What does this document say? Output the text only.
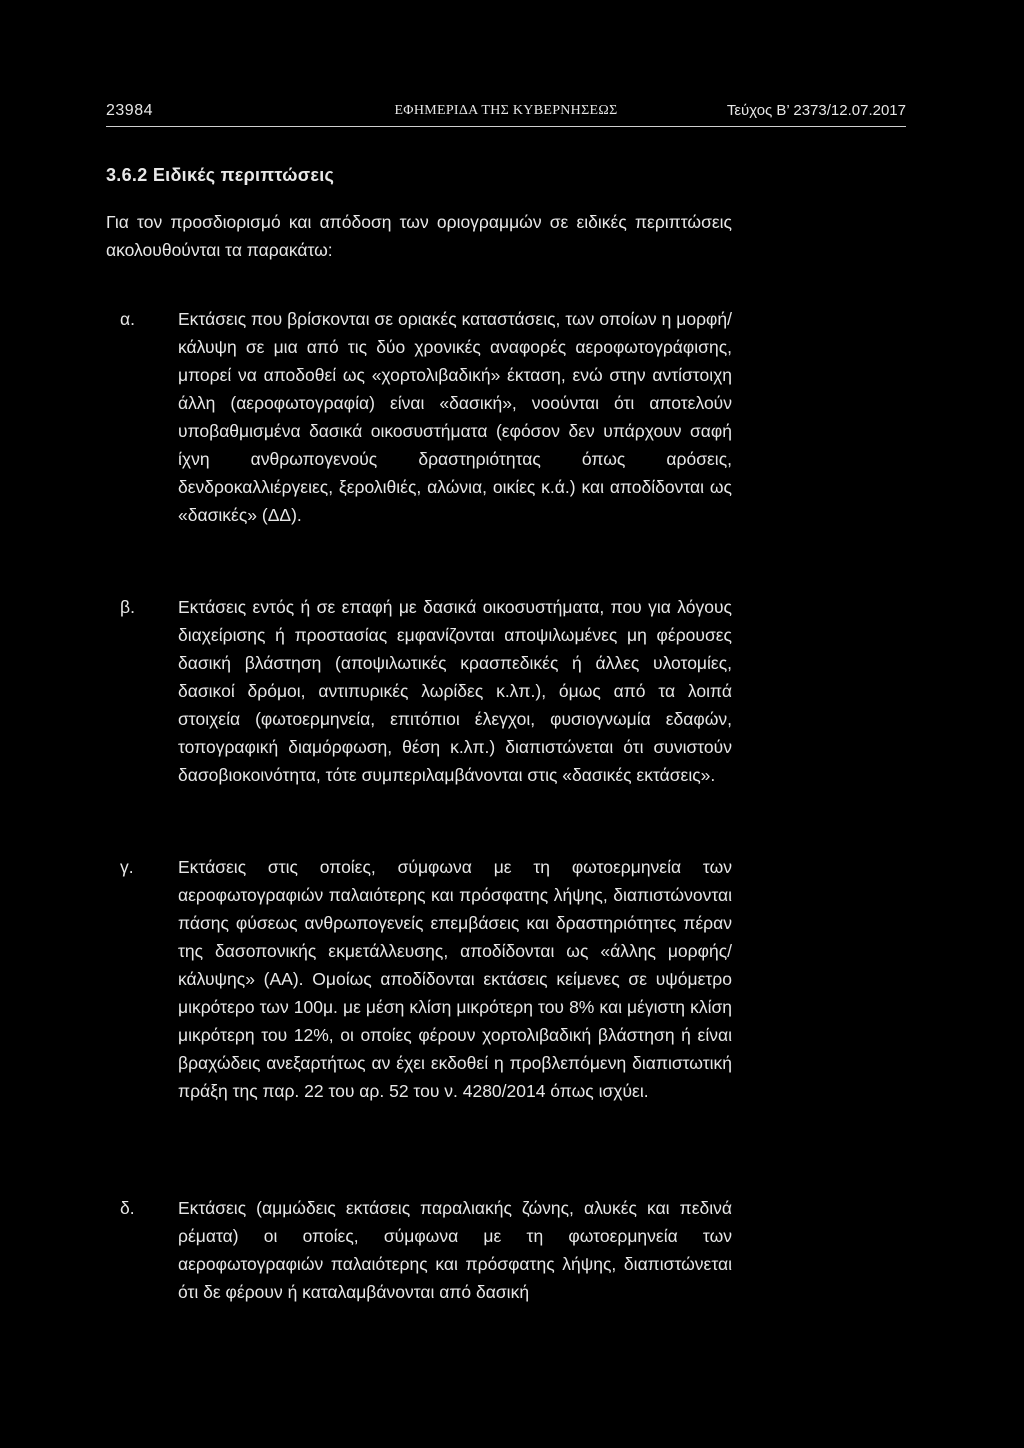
23984	ΕΦΗΜΕΡΙΔΑ ΤΗΣ ΚΥΒΕΡΝΗΣΕΩΣ	Τεύχος Β’ 2373/12.07.2017
3.6.2 Ειδικές περιπτώσεις
Για τον προσδιορισμό και απόδοση των οριογραμμών σε ειδικές περιπτώσεις ακολουθούνται τα παρακάτω:
α. Εκτάσεις που βρίσκονται σε οριακές καταστάσεις, των οποίων η μορφή/κάλυψη σε μια από τις δύο χρονικές αναφορές αεροφωτογράφισης, μπορεί να αποδοθεί ως «χορτολιβαδική» έκταση, ενώ στην αντίστοιχη άλλη (αεροφωτογραφία) είναι «δασική», νοούνται ότι αποτελούν υποβαθμισμένα δασικά οικοσυστήματα (εφόσον δεν υπάρχουν σαφή ίχνη ανθρωπογενούς δραστηριότητας όπως αρόσεις, δενδροκαλλιέργειες, ξερολιθιές, αλώνια, οικίες κ.ά.) και αποδίδονται ως «δασικές» (ΔΔ).
β. Εκτάσεις εντός ή σε επαφή με δασικά οικοσυστήματα, που για λόγους διαχείρισης ή προστασίας εμφανίζονται αποψιλωμένες μη φέρουσες δασική βλάστηση (αποψιλωτικές κρασπεδικές ή άλλες υλοτομίες, δασικοί δρόμοι, αντιπυρικές λωρίδες κ.λπ.), όμως από τα λοιπά στοιχεία (φωτοερμηνεία, επιτόπιοι έλεγχοι, φυσιογνωμία εδαφών, τοπογραφική διαμόρφωση, θέση κ.λπ.) διαπιστώνεται ότι συνιστούν δασοβιοκοινότητα, τότε συμπεριλαμβάνονται στις «δασικές εκτάσεις».
γ.	Εκτάσεις στις οποίες, σύμφωνα με τη φωτοερμηνεία των αεροφωτογραφιών παλαιότερης και πρόσφατης λήψης, διαπιστώνονται πάσης φύσεως ανθρωπογενείς επεμβάσεις και δραστηριότητες πέραν της δασοπονικής εκμετάλλευσης, αποδίδονται ως «άλλης μορφής/κάλυψης» (ΑΑ). Ομοίως αποδίδονται εκτάσεις κείμενες σε υψόμετρο μικρότερο των 100μ. με μέση κλίση μικρότερη του 8% και μέγιστη κλίση μικρότερη του 12%, οι οποίες φέρουν χορτολιβαδική βλάστηση ή είναι βραχώδεις ανεξαρτήτως αν έχει εκδοθεί η προβλεπόμενη διαπιστωτική πράξη της παρ. 22 του αρ. 52 του ν. 4280/2014 όπως ισχύει.
δ. Εκτάσεις (αμμώδεις εκτάσεις παραλιακής ζώνης, αλυκές και πεδινά ρέματα) οι οποίες, σύμφωνα με τη φωτοερμηνεία των αεροφωτογραφιών παλαιότερης και πρόσφατης λήψης, διαπιστώνεται ότι δε φέρουν ή καταλαμβάνονται από δασική
